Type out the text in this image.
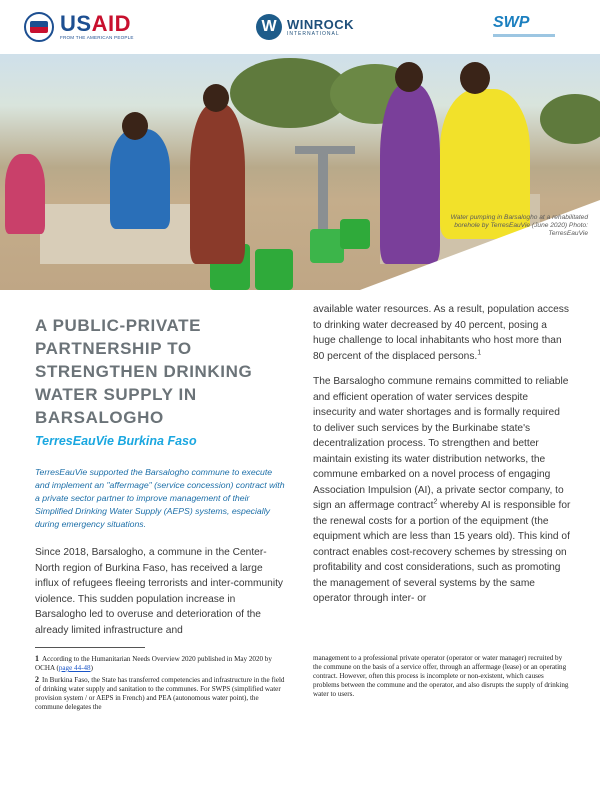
USAID
FROM THE AMERICAN PEOPLE
W WINROCK
INTERNATIONAL
SWP
Water pumping in Barsalogho at a rehabilitated borehole by TerresEauVie (June 2020) Photo: TerresEauVie
A PUBLIC-PRIVATE PARTNERSHIP TO STRENGTHEN DRINKING WATER SUPPLY IN BARSALOGHO
TerresEauVie Burkina Faso

TerresEauVie supported the Barsalogho commune to execute and implement an "affermage" (service concession) contract with a private sector partner to improve management of their Simplified Drinking Water Supply (AEPS) systems, especially during emergency situations.

Since 2018, Barsalogho, a commune in the Center-North region of Burkina Faso, has received a large influx of refugees fleeing terrorists and inter-community violence. This sudden population increase in Barsalogho led to overuse and deterioration of the already limited infrastructure and

available water resources. As a result, population access to drinking water decreased by 40 percent, posing a huge challenge to local inhabitants who host more than 80 percent of the displaced persons.$^1$

The Barsalogho commune remains committed to reliable and efficient operation of water services despite insecurity and water shortages and is formally required to deliver such services by the Burkinabe state's decentralization process. To strengthen and better maintain existing its water distribution networks, the commune embarked on a novel process of engaging Association Impulsion (AI), a private sector company, to sign an affermage contract$^2$ whereby AI is responsible for the renewal costs for a portion of the equipment (the equipment which are less than 15 years old). This kind of contract enables cost-recovery schemes by stressing on profitability and cost considerations, such as promoting the management of several systems by the same operator through inter- or

1 According to the Humanitarian Needs Overview 2020 published in May 2020 by OCHA (page 44-48)

2 In Burkina Faso, the State has transferred competencies and infrastructure in the field of drinking water supply and sanitation to the communes. For SWPS (simplified water provision system / or AEPS in French) and PEA (autonomous water point), the commune delegates the

management to a professional private operator (operator or water manager) recruited by the commune on the basis of a service offer, through an affermage (lease) or an operating contract. However, often this process is incomplete or non-existent, which causes problems between the commune and the operator, and also disrupts the supply of drinking water to users.
